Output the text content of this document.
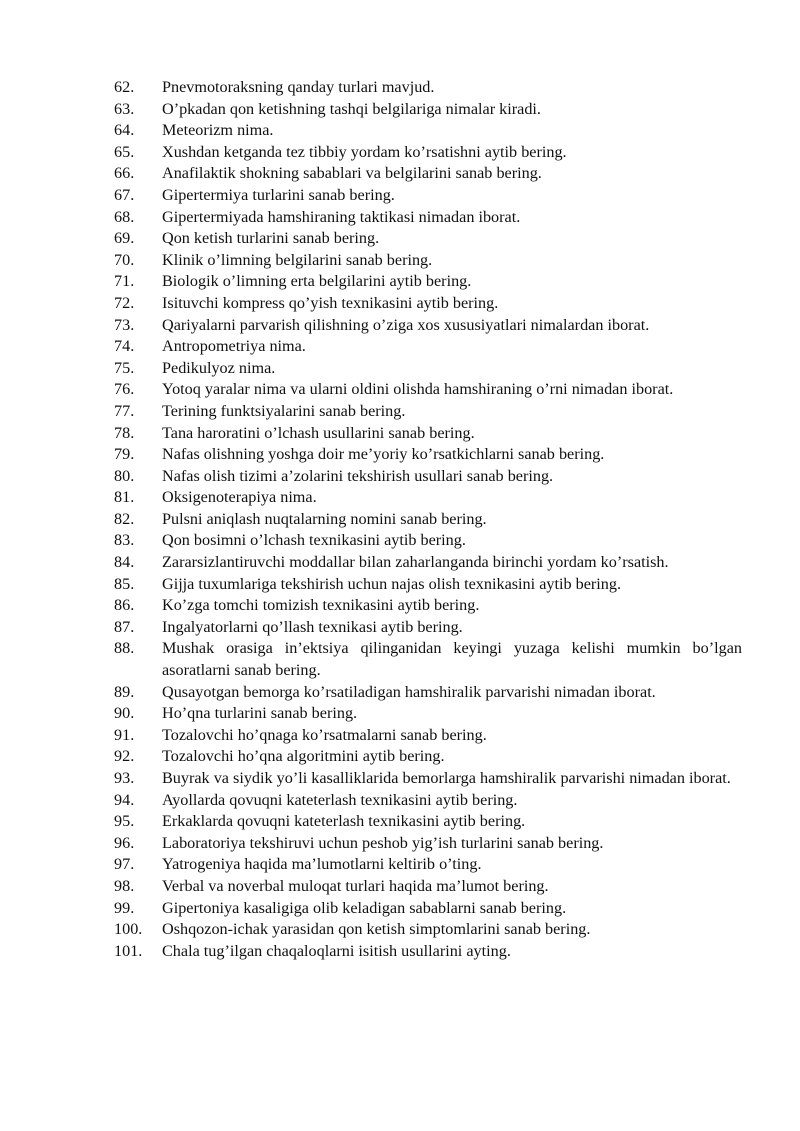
62.	Pnevmotoraksning qanday turlari mavjud.
63.	O’pkadan qon ketishning tashqi belgilariga nimalar kiradi.
64.	Meteorizm nima.
65.	Xushdan ketganda tez tibbiy yordam ko’rsatishni aytib bering.
66.	Anafilaktik shokning sabablari va belgilarini sanab bering.
67.	Gipertermiya turlarini sanab bering.
68.	Gipertermiyada hamshiraning taktikasi nimadan iborat.
69.	Qon ketish turlarini sanab bering.
70.	Klinik o’limning belgilarini sanab bering.
71.	Biologik o’limning erta belgilarini aytib bering.
72.	Isituvchi kompress qo’yish texnikasini aytib bering.
73.	Qariyalarni parvarish qilishning o’ziga xos xususiyatlari nimalardan iborat.
74.	Antropometriya nima.
75.	Pedikulyoz nima.
76.	Yotoq yaralar nima va ularni oldini olishda hamshiraning o’rni nimadan iborat.
77.	Terining funktsiyalarini sanab bering.
78.	Tana haroratini o’lchash usullarini sanab bering.
79.	Nafas olishning yoshga doir me’yoriy ko’rsatkichlarni sanab bering.
80.	Nafas olish tizimi a’zolarini tekshirish usullari sanab bering.
81.	Oksigenoterapiya nima.
82.	Pulsni aniqlash nuqtalarning nomini sanab bering.
83.	Qon bosimni o’lchash texnikasini aytib bering.
84.	Zararsizlantiruvchi moddallar bilan zaharlanganda birinchi yordam ko’rsatish.
85.	Gijja tuxumlariga tekshirish uchun najas olish texnikasini aytib bering.
86.	Ko’zga tomchi tomizish texnikasini aytib bering.
87.	Ingalyatorlarni qo’llash texnikasi aytib bering.
88.	Mushak orasiga in’ektsiya qilinganidan keyingi yuzaga kelishi mumkin bo’lgan asoratlarni sanab bering.
89.	Qusayotgan bemorga ko’rsatiladigan hamshiralik parvarishi nimadan iborat.
90.	Ho’qna turlarini sanab bering.
91.	Tozalovchi ho’qnaga ko’rsatmalarni sanab bering.
92.	Tozalovchi ho’qna algoritmini aytib bering.
93.	Buyrak va siydik yo’li kasalliklarida bemorlarga hamshiralik parvarishi nimadan iborat.
94.	Ayollarda qovuqni kateterlash texnikasini aytib bering.
95.	Erkaklarda qovuqni kateterlash texnikasini aytib bering.
96.	Laboratoriya tekshiruvi uchun peshob yig’ish turlarini sanab bering.
97.	Yatrogeniya haqida ma’lumotlarni keltirib o’ting.
98.	Verbal va noverbal muloqat turlari haqida ma’lumot bering.
99.	Gipertoniya kasaligiga olib keladigan sabablarni sanab bering.
100.	Oshqozon-ichak yarasidan qon ketish simptomlarini sanab bering.
101.	Chala tug’ilgan chaqaloqlarni isitish usullarini ayting.
